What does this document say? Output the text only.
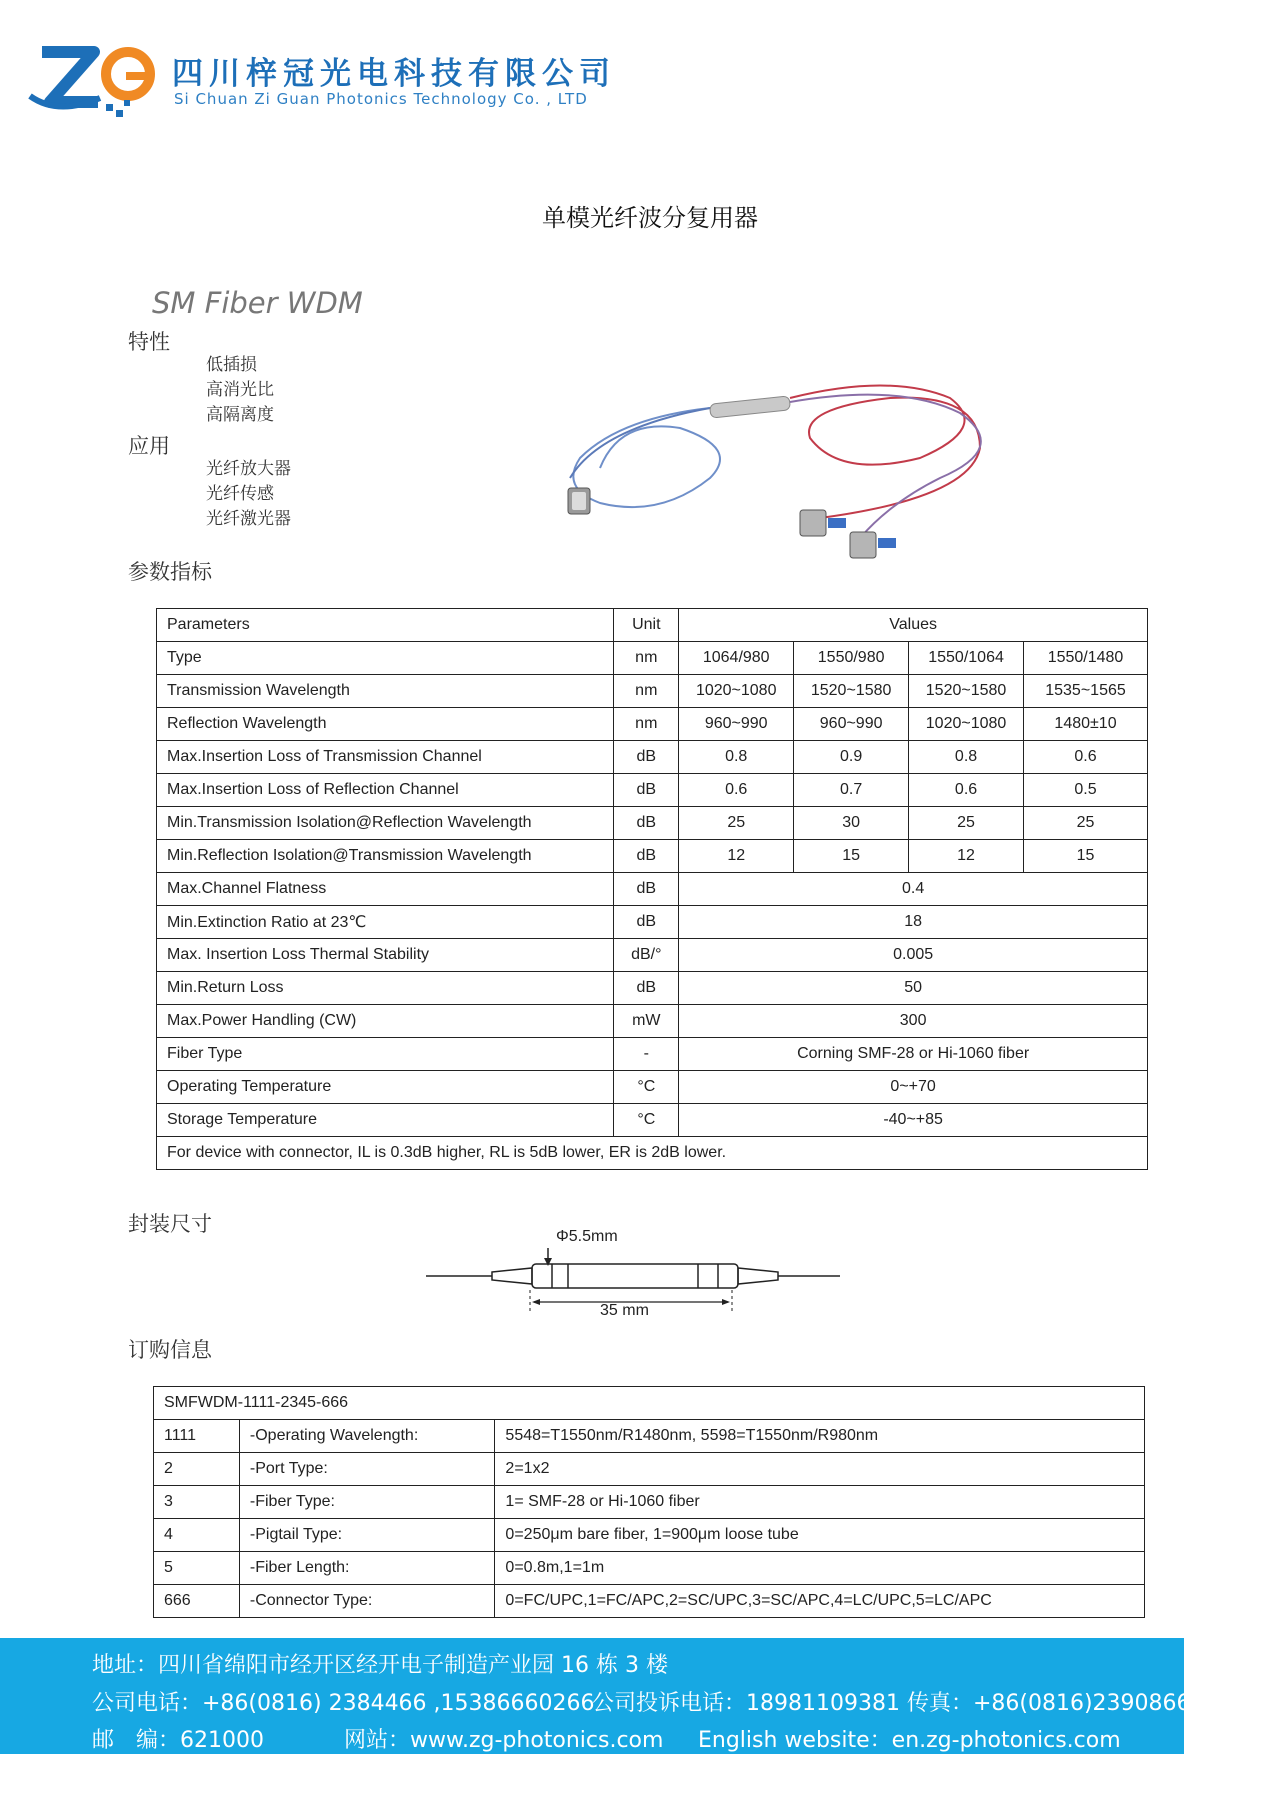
四川梓冠光电科技有限公司
Si Chuan Zi Guan Photonics Technology Co. , LTD
单模光纤波分复用器
SM Fiber WDM
特性
低插损
高消光比
高隔离度
应用
光纤放大器
光纤传感
光纤激光器
参数指标
Parameters	Unit	Values			
Type	nm	1064/980	1550/980	1550/1064	1550/1480
Transmission Wavelength	nm	1020~1080	1520~1580	1520~1580	1535~1565
Reflection Wavelength	nm	960~990	960~990	1020~1080	1480±10
Max.Insertion Loss of Transmission Channel	dB	0.8	0.9	0.8	0.6
Max.Insertion Loss of Reflection Channel	dB	0.6	0.7	0.6	0.5
Min.Transmission Isolation@Reflection Wavelength	dB	25	30	25	25
Min.Reflection Isolation@Transmission Wavelength	dB	12	15	12	15
Max.Channel Flatness	dB	0.4			
Min.Extinction Ratio at 23℃	dB	18			
Max. Insertion Loss Thermal Stability	dB/°	0.005			
Min.Return Loss	dB	50			
Max.Power Handling (CW)	mW	300			
Fiber Type	-	Corning SMF-28 or Hi-1060 fiber			
Operating Temperature	°C	0~+70			
Storage Temperature	°C	-40~+85			
For device with connector, IL is 0.3dB higher, RL is 5dB lower, ER is 2dB lower.					
封装尺寸
Φ5.5mm
35 mm
订购信息
SMFWDM-1111-2345-666		
1111	-Operating Wavelength:	5548=T1550nm/R1480nm, 5598=T1550nm/R980nm
2	-Port Type:	2=1x2
3	-Fiber Type:	1= SMF-28 or Hi-1060 fiber
4	-Pigtail Type:	0=250μm bare fiber, 1=900μm loose tube
5	-Fiber Length:	0=0.8m,1=1m
666	-Connector Type:	0=FC/UPC,1=FC/APC,2=SC/UPC,3=SC/APC,4=LC/UPC,5=LC/APC
地址：四川省绵阳市经开区经开电子制造产业园 16 栋 3 楼
公司电话：+86(0816) 2384466 ,15386660266
公司投诉电话：18981109381 传真：+86(0816)2390866
邮　编：621000	网站：www.zg-photonics.com English website：en.zg-photonics.com
